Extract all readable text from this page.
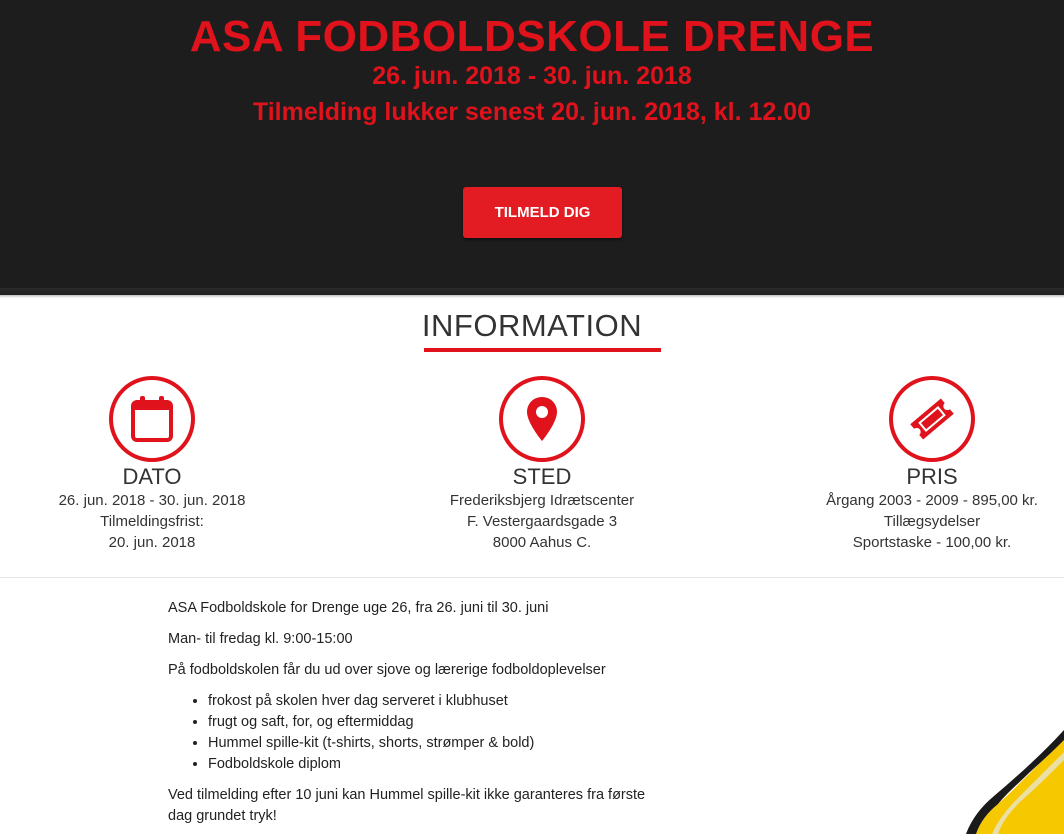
ASA FODBOLDSKOLE DRENGE
26. jun. 2018 - 30. jun. 2018
Tilmelding lukker senest 20. jun. 2018, kl. 12.00
TILMELD DIG
INFORMATION
DATO
26. jun. 2018 - 30. jun. 2018
Tilmeldingsfrist:
20. jun. 2018
STED
Frederiksbjerg Idrætscenter
F. Vestergaardsgade 3
8000 Aahus C.
PRIS
Årgang 2003 - 2009 - 895,00 kr.
Tillægsydelser
Sportstaske - 100,00 kr.

ASA Fodboldskole for Drenge uge 26, fra 26. juni til 30. juni

Man- til fredag kl. 9:00-15:00

På fodboldskolen får du ud over sjove og lærerige fodboldoplevelser

• frokost på skolen hver dag serveret i klubhuset
• frugt og saft, for, og eftermiddag
• Hummel spille-kit (t-shirts, shorts, strømper & bold)
• Fodboldskole diplom

Ved tilmelding efter 10 juni kan Hummel spille-kit ikke garanteres fra første dag grundet tryk!
